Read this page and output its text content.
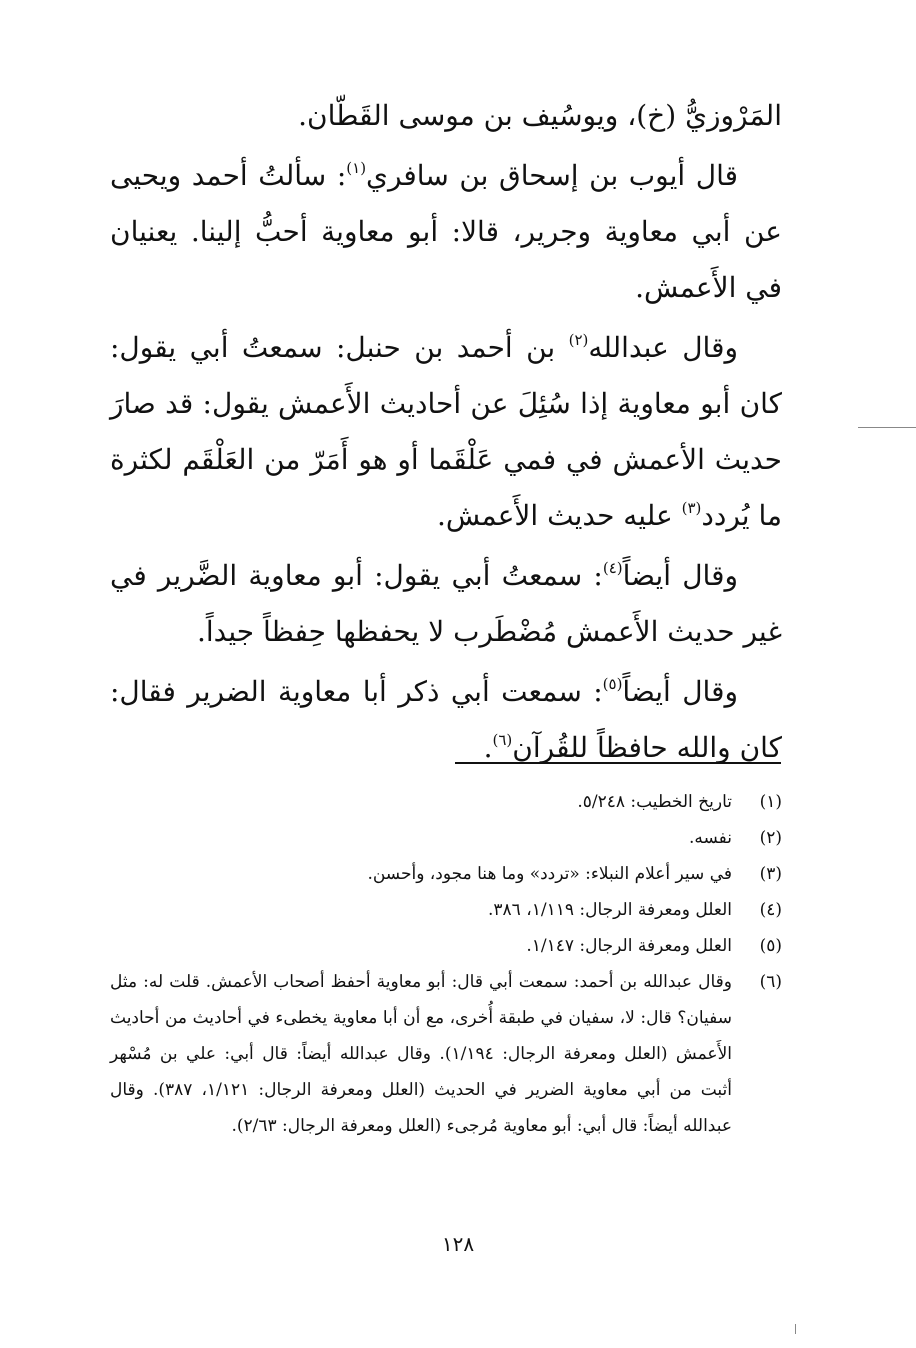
المَرْوزيُّ (خ)، ويوسُيف بن موسى القَطّان.

قال أيوب بن إسحاق بن سافري$^{(١)}$: سألتُ أحمد ويحيى عن أبي معاوية وجرير، قالا: أبو معاوية أحبُّ إلينا. يعنيان في الأَعمش.

وقال عبدالله$^{(٢)}$ بن أحمد بن حنبل: سمعتُ أبي يقول: كان أبو معاوية إذا سُئِلَ عن أحاديث الأَعمش يقول: قد صارَ حديث الأعمش في فمي عَلْقَما أو هو أَمَرّ من العَلْقَم لكثرة ما يُردد$^{(٣)}$ عليه حديث الأَعمش.

وقال أيضاً$^{(٤)}$: سمعتُ أبي يقول: أبو معاوية الضَّرير في غير حديث الأَعمش مُضْطَرب لا يحفظها حِفظاً جيداً.

وقال أيضاً$^{(٥)}$: سمعت أبي ذكر أبا معاوية الضرير فقال: كان والله حافظاً للقُرآن$^{(٦)}$.

(١)
تاريخ الخطيب: ٥/٢٤٨.
(٢)
نفسه.
(٣)
في سير أعلام النبلاء: «تردد» وما هنا مجود، وأحسن.
(٤)
العلل ومعرفة الرجال: ١/١١٩، ٣٨٦.
(٥)
العلل ومعرفة الرجال: ١/١٤٧.
(٦)
وقال عبدالله بن أحمد: سمعت أبي قال: أبو معاوية أحفظ أصحاب الأعمش. قلت له: مثل سفيان؟ قال: لا، سفيان في طبقة أُخرى، مع أن أبا معاوية يخطىء في أحاديث من أحاديث الأَعمش (العلل ومعرفة الرجال: ١/١٩٤). وقال عبدالله أيضاً: قال أبي: علي بن مُسْهر أثبت من أبي معاوية الضرير في الحديث (العلل ومعرفة الرجال: ١/١٢١، ٣٨٧). وقال عبدالله أيضاً: قال أبي: أبو معاوية مُرجىء (العلل ومعرفة الرجال: ٢/٦٣).
١٢٨
